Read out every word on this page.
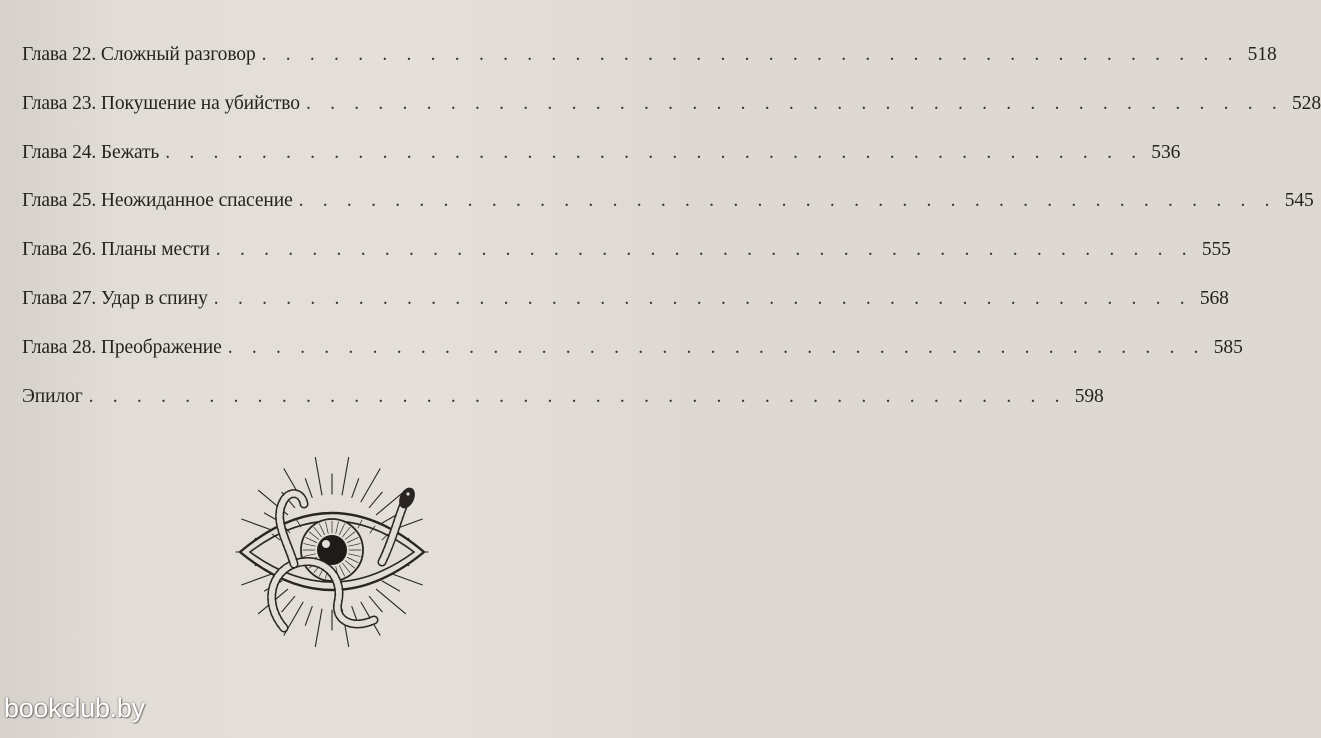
Глава 22. Сложный разговор . . . . . . . . . . . . . . . . . . . . . . . . . . . . . . . . . . . . . . . . . 518
Глава 23. Покушение на убийство . . . . . . . . . . . . . . . . . . . . . . . . . . . . . . . . . . . . . . . . . 528
Глава 24. Бежать . . . . . . . . . . . . . . . . . . . . . . . . . . . . . . . . . . . . . . . . . 536
Глава 25. Неожиданное спасение . . . . . . . . . . . . . . . . . . . . . . . . . . . . . . . . . . . . . . . . . 545
Глава 26. Планы мести . . . . . . . . . . . . . . . . . . . . . . . . . . . . . . . . . . . . . . . . . 555
Глава 27. Удар в спину . . . . . . . . . . . . . . . . . . . . . . . . . . . . . . . . . . . . . . . . . 568
Глава 28. Преображение . . . . . . . . . . . . . . . . . . . . . . . . . . . . . . . . . . . . . . . . . 585
Эпилог . . . . . . . . . . . . . . . . . . . . . . . . . . . . . . . . . . . . . . . . . 598
bookclub.by
